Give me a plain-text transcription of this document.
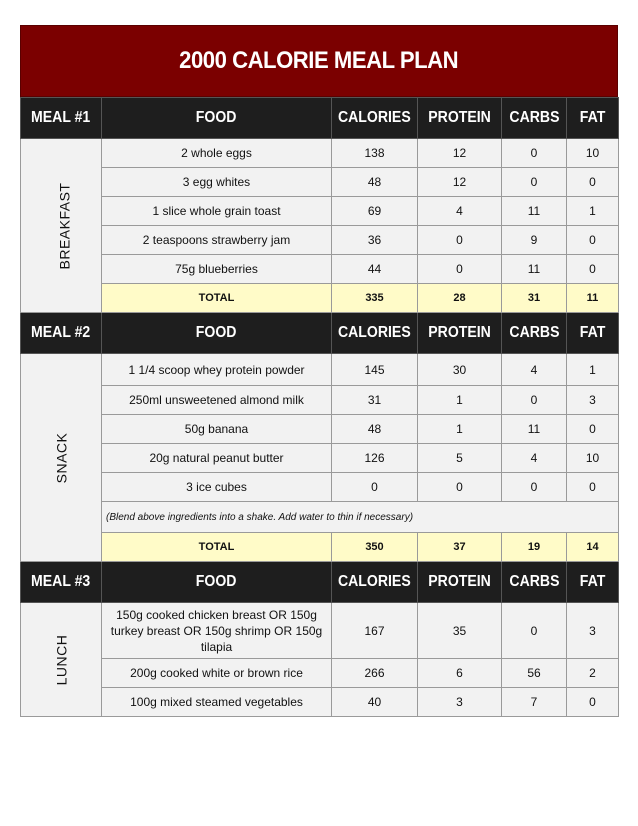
2000 CALORIE MEAL PLAN
MEAL #1	FOOD	CALORIES	PROTEIN	CARBS	FAT
BREAKFAST	2 whole eggs	138	12	0	10
	3 egg whites	48	12	0	0
	1 slice whole grain toast	69	4	11	1
	2 teaspoons strawberry jam	36	0	9	0
	75g blueberries	44	0	11	0
	TOTAL	335	28	31	11
MEAL #2	FOOD	CALORIES	PROTEIN	CARBS	FAT
SNACK	1 1/4 scoop whey protein powder	145	30	4	1
	250ml unsweetened almond milk	31	1	0	3
	50g banana	48	1	11	0
	20g natural peanut butter	126	5	4	10
	3 ice cubes	0	0	0	0
	(Blend above ingredients into a shake. Add water to thin if necessary)				
	TOTAL	350	37	19	14
MEAL #3	FOOD	CALORIES	PROTEIN	CARBS	FAT
LUNCH	150g cooked chicken breast OR 150g turkey breast OR 150g shrimp OR 150g tilapia	167	35	0	3
	200g cooked white or brown rice	266	6	56	2
	100g mixed steamed vegetables	40	3	7	0
